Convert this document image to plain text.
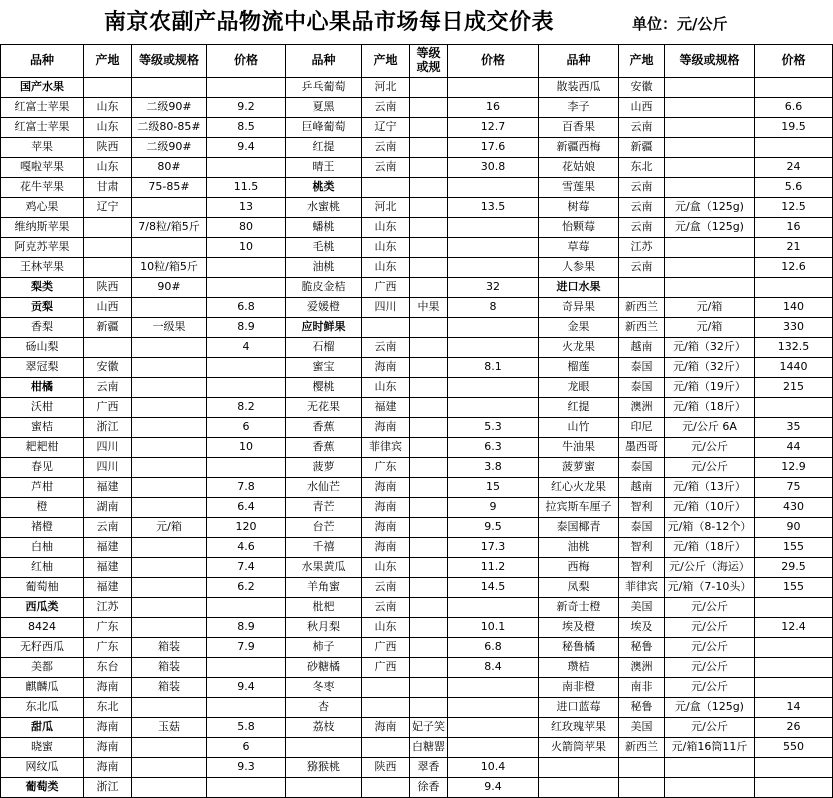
南京农副产品物流中心果品市场每日成交价表	单位：元/公斤
品种	产地	等级或规格	价格	品种	产地	等级或规	价格	品种	产地	等级或规格	价格
国产水果				乒乓葡萄	河北			散装西瓜	安徽		
红富士苹果	山东	二级90#	9.2	夏黑	云南		16	李子	山西		6.6
红富士苹果	山东	二级80-85#	8.5	巨峰葡萄	辽宁		12.7	百香果	云南		19.5
苹果	陕西	二级90#	9.4	红提	云南		17.6	新疆西梅	新疆		
嘎啦苹果	山东	80#		晴王	云南		30.8	花姑娘	东北		24
花牛苹果	甘肃	75-85#	11.5	桃类				雪莲果	云南		5.6
鸡心果	辽宁		13	水蜜桃	河北		13.5	树莓	云南	元/盒（125g)	12.5
维纳斯苹果		7/8粒/箱5斤	80	蟠桃	山东			怡颗莓	云南	元/盒（125g)	16
阿克苏苹果			10	毛桃	山东			草莓	江苏		21
王林苹果		10粒/箱5斤		油桃	山东			人参果	云南		12.6
梨类	陕西	90#		脆皮金桔	广西		32	进口水果			
贡梨	山西		6.8	爱媛橙	四川	中果	8	奇异果	新西兰	元/箱	140
香梨	新疆	一级果	8.9	应时鲜果				金果	新西兰	元/箱	330
砀山梨			4	石榴	云南			火龙果	越南	元/箱（32斤）	132.5
翠冠梨	安徽			蜜宝	海南		8.1	榴莲	泰国	元/箱（32斤）	1440
柑橘	云南			樱桃	山东			龙眼	泰国	元/箱（19斤）	215
沃柑	广西		8.2	无花果	福建			红提	澳洲	元/箱（18斤）	
蜜桔	浙江		6	香蕉	海南		5.3	山竹	印尼	元/公斤 6A	35
耙耙柑	四川		10	香蕉	菲律宾		6.3	牛油果	墨西哥	元/公斤	44
春见	四川			菠萝	广东		3.8	菠萝蜜	泰国	元/公斤	12.9
芦柑	福建		7.8	水仙芒	海南		15	红心火龙果	越南	元/箱（13斤）	75
橙	湖南		6.4	青芒	海南		9	拉宾斯车厘子	智利	元/箱（10斤）	430
褚橙	云南	元/箱	120	台芒	海南		9.5	泰国椰青	泰国	元/箱（8-12个）	90
白柚	福建		4.6	千禧	海南		17.3	油桃	智利	元/箱（18斤）	155
红柚	福建		7.4	水果黄瓜	山东		11.2	西梅	智利	元/公斤（海运）	29.5
葡萄柚	福建		6.2	羊角蜜	云南		14.5	凤梨	菲律宾	元/箱（7-10头）	155
西瓜类	江苏			枇杷	云南			新奇士橙	美国	元/公斤	
8424	广东		8.9	秋月梨	山东		10.1	埃及橙	埃及	元/公斤	12.4
无籽西瓜	广东	箱装	7.9	柿子	广西		6.8	秘鲁橘	秘鲁	元/公斤	
美都	东台	箱装		砂糖橘	广西		8.4	瓒桔	澳洲	元/公斤	
麒麟瓜	海南	箱装	9.4	冬枣				南非橙	南非	元/公斤	
东北瓜	东北			杏				进口蓝莓	秘鲁	元/盒（125g)	14
甜瓜	海南	玉菇	5.8	荔枝	海南	妃子笑		红玫瑰苹果	美国	元/公斤	26
晓蜜	海南		6			白糖罂		火箭筒苹果	新西兰	元/箱16筒11斤	550
网纹瓜	海南		9.3	猕猴桃	陕西	翠香	10.4				
葡萄类	浙江					徐香	9.4				
